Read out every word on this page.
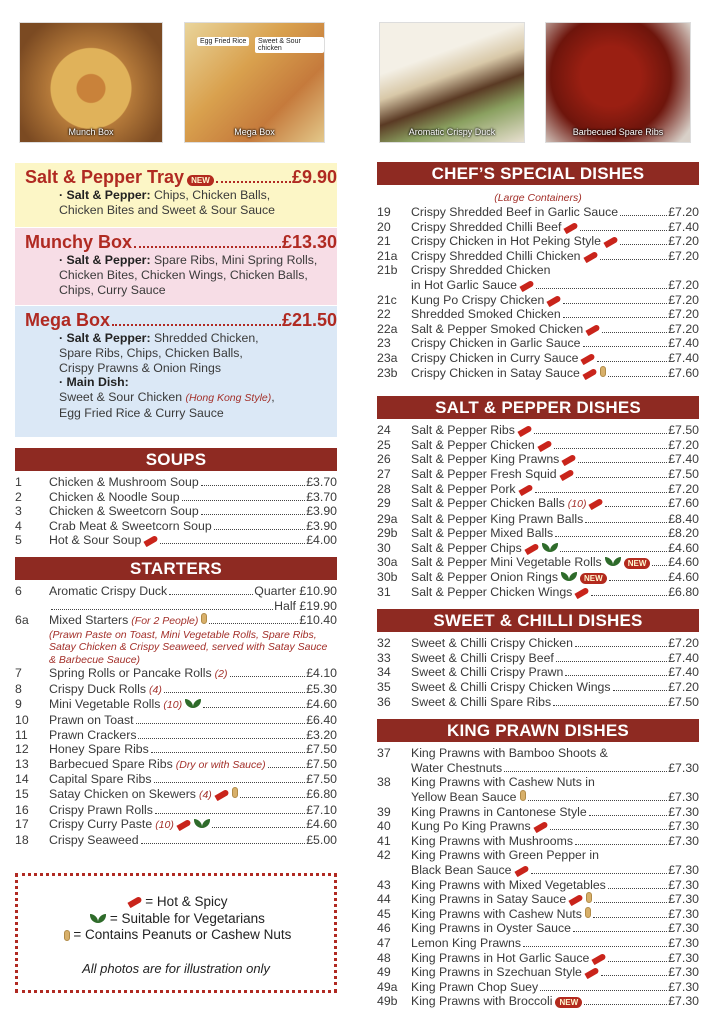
Munch Box
Egg Fried Rice	Sweet & Sour chicken
Mega Box	Aromatic Crispy Duck	Barbecued Spare Ribs
Salt & Pepper Tray NEW	£9.90
· Salt & Pepper: Chips, Chicken Balls,
Chicken Bites and Sweet & Sour Sauce
Munchy Box	£13.30
· Salt & Pepper: Spare Ribs, Mini Spring Rolls,
Chicken Bites, Chicken Wings, Chicken Balls,
Chips, Curry Sauce
Mega Box	£21.50
· Salt & Pepper: Shredded Chicken,
Spare Ribs, Chips, Chicken Balls,
Crispy Prawns & Onion Rings
· Main Dish:
Sweet & Sour Chicken (Hong Kong Style),
Egg Fried Rice & Curry Sauce
SOUPS
1	Chicken & Mushroom Soup	£3.70
2	Chicken & Noodle Soup	£3.70
3	Chicken & Sweetcorn Soup	£3.90
4	Crab Meat & Sweetcorn Soup	£3.90
5	Hot & Sour Soup	£4.00
STARTERS
6	Aromatic Crispy Duck	Quarter £10.90
Half £19.90
6a	Mixed Starters (For 2 People)	£10.40
(Prawn Paste on Toast, Mini Vegetable Rolls, Spare Ribs, Satay Chicken & Crispy Seaweed, served with Satay Sauce & Barbecue Sauce)
7	Spring Rolls or Pancake Rolls (2)	£4.10
8	Crispy Duck Rolls (4)	£5.30
9	Mini Vegetable Rolls (10)	£4.60
10	Prawn on Toast	£6.40
11	Prawn Crackers	£3.20
12	Honey Spare Ribs	£7.50
13	Barbecued Spare Ribs (Dry or with Sauce)	£7.50
14	Capital Spare Ribs	£7.50
15	Satay Chicken on Skewers (4)	£6.80
16	Crispy Prawn Rolls	£7.10
17	Crispy Curry Paste (10)	£4.60
18	Crispy Seaweed	£5.00
CHEF’S SPECIAL DISHES
(Large Containers)
19	Crispy Shredded Beef in Garlic Sauce	£7.20
20	Crispy Shredded Chilli Beef	£7.40
21	Crispy Chicken in Hot Peking Style	£7.20
21a	Crispy Shredded Chilli Chicken	£7.20
21b	Crispy Shredded Chicken
in Hot Garlic Sauce	£7.20
21c	Kung Po Crispy Chicken	£7.20
22	Shredded Smoked Chicken	£7.20
22a	Salt & Pepper Smoked Chicken	£7.20
23	Crispy Chicken in Garlic Sauce	£7.40
23a	Crispy Chicken in Curry Sauce	£7.40
23b	Crispy Chicken in Satay Sauce	£7.60
SALT & PEPPER DISHES
24	Salt & Pepper Ribs	£7.50
25	Salt & Pepper Chicken	£7.20
26	Salt & Pepper King Prawns	£7.40
27	Salt & Pepper Fresh Squid	£7.50
28	Salt & Pepper Pork	£7.20
29	Salt & Pepper Chicken Balls (10)	£7.60
29a	Salt & Pepper King Prawn Balls	£8.40
29b	Salt & Pepper Mixed Balls	£8.20
30	Salt & Pepper Chips	£4.60
30a	Salt & Pepper Mini Vegetable Rolls	NEW	£4.60
30b	Salt & Pepper Onion Rings	NEW	£4.60
31	Salt & Pepper Chicken Wings	£6.80
SWEET & CHILLI DISHES
32	Sweet & Chilli Crispy Chicken	£7.20
33	Sweet & Chilli Crispy Beef	£7.40
34	Sweet & Chilli Crispy Prawn	£7.40
35	Sweet & Chilli Crispy Chicken Wings	£7.20
36	Sweet & Chilli Spare Ribs	£7.50
KING PRAWN DISHES
37	King Prawns with Bamboo Shoots &
Water Chestnuts	£7.30
38	King Prawns with Cashew Nuts in
Yellow Bean Sauce	£7.30
39	King Prawns in Cantonese Style	£7.30
40	Kung Po King Prawns	£7.30
41	King Prawns with Mushrooms	£7.30
42	King Prawns with Green Pepper in
Black Bean Sauce	£7.30
43	King Prawns with Mixed Vegetables	£7.30
44	King Prawns in Satay Sauce	£7.30
45	King Prawns with Cashew Nuts	£7.30
46	King Prawns in Oyster Sauce	£7.30
47	Lemon King Prawns	£7.30
48	King Prawns in Hot Garlic Sauce	£7.30
49	King Prawns in Szechuan Style	£7.30
49a	King Prawn Chop Suey	£7.30
49b	King Prawns with Broccoli NEW	£7.30
= Hot & Spicy
= Suitable for Vegetarians
= Contains Peanuts or Cashew Nuts
All photos are for illustration only
